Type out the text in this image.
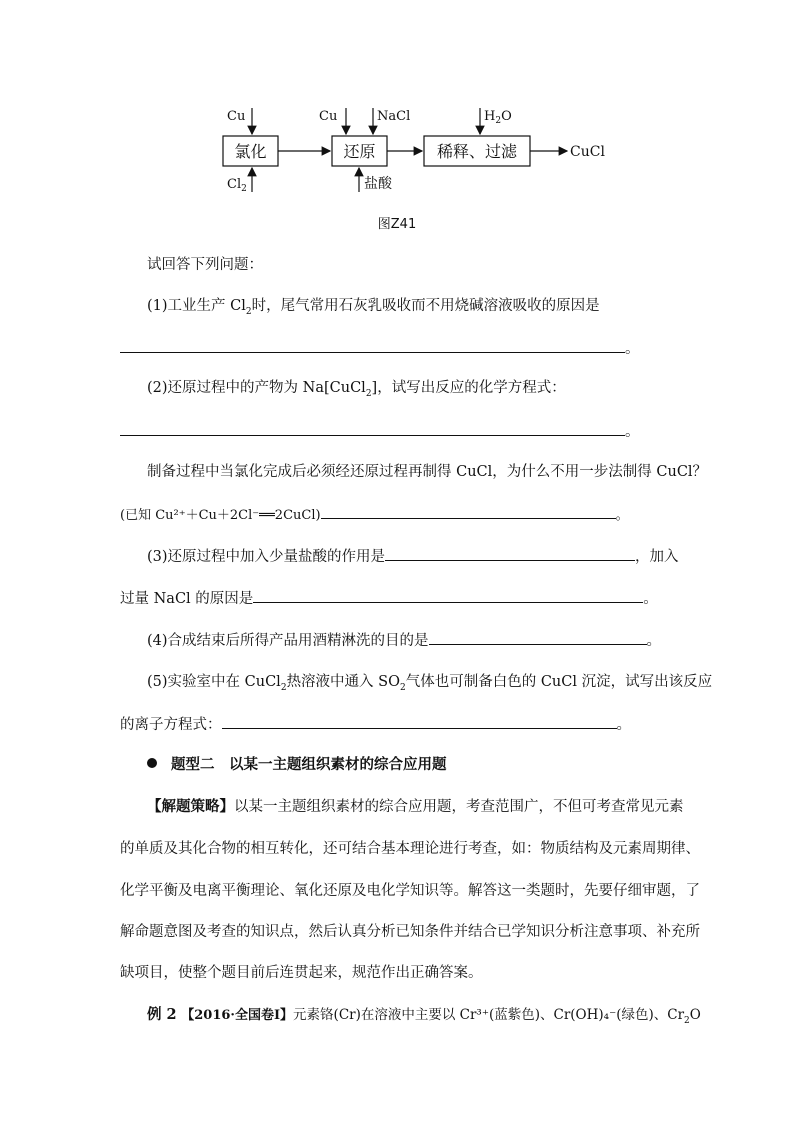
氯化	还原	稀释、过滤	CuCl
Cu	Cu	NaCl	$H_2O$
$Cl_2$	盐酸
图Z41
试回答下列问题：
(1)工业生产 $Cl_2$时，尾气常用石灰乳吸收而不用烧碱溶液吸收的原因是
。
(2)还原过程中的产物为 Na[CuCl$_2$]，试写出反应的化学方程式：
。
制备过程中当氯化完成后必须经还原过程再制得 CuCl，为什么不用一步法制得 CuCl？
(已知 Cu²⁺＋Cu＋2Cl⁻══2CuCl)	。
(3)还原过程中加入少量盐酸的作用是	，加入
过量 NaCl 的原因是	。
(4)合成结束后所得产品用酒精淋洗的目的是	。
(5)实验室中在 CuCl$_2$热溶液中通入 $SO_2$气体也可制备白色的 CuCl 沉淀，试写出该反应
的离子方程式：	。
题型二　以某一主题组织素材的综合应用题
【解题策略】以某一主题组织素材的综合应用题，考查范围广，不但可考查常见元素
的单质及其化合物的相互转化，还可结合基本理论进行考查，如：物质结构及元素周期律、
化学平衡及电离平衡理论、氧化还原及电化学知识等。解答这一类题时，先要仔细审题，了
解命题意图及考查的知识点，然后认真分析已知条件并结合已学知识分析注意事项、补充所
缺项目，使整个题目前后连贯起来，规范作出正确答案。
例 2 【2016·全国卷Ⅰ】元素铬(Cr)在溶液中主要以 Cr³⁺(蓝紫色)、Cr(OH)₄⁻(绿色)、$Cr_2O$
